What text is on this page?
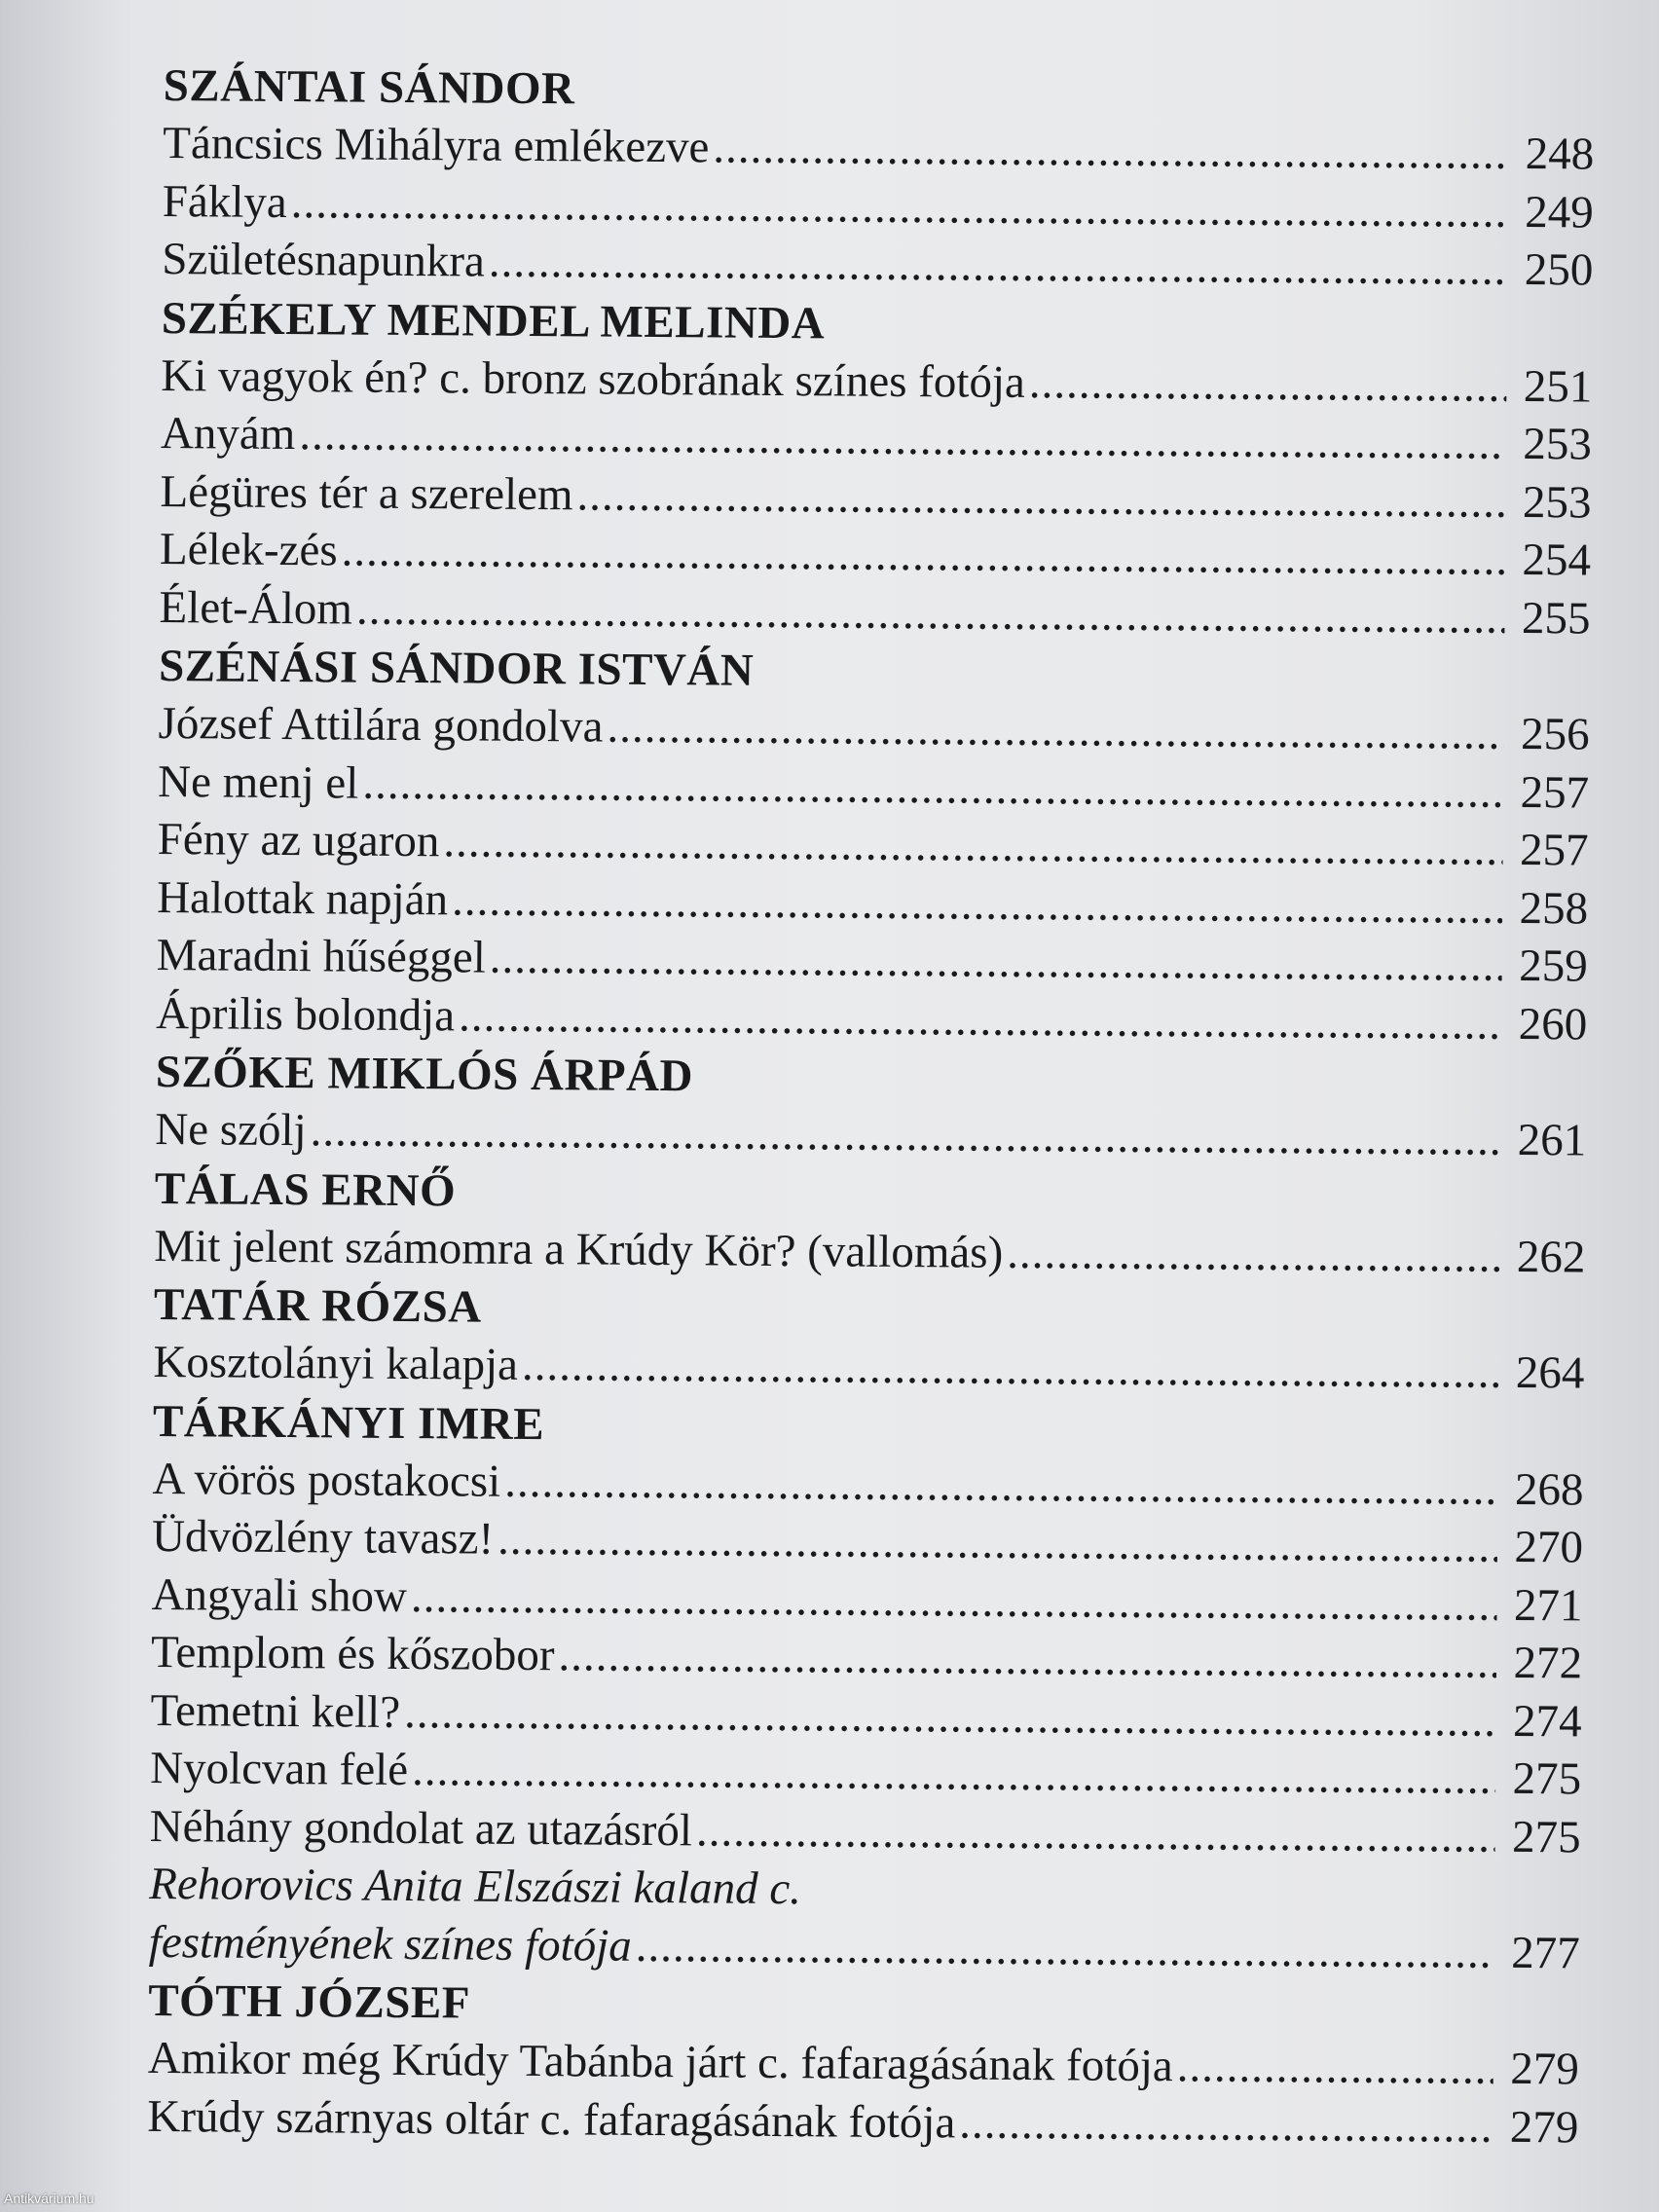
SZÁNTAI SÁNDOR
Táncsics Mihályra emlékezve .....	248
Fáklya .....	249
Születésnapunkra .....	250
SZÉKELY MENDEL MELINDA
Ki vagyok én? c. bronz szobrának színes fotója .....	251
Anyám .....	253
Légüres tér a szerelem .....	253
Lélek-zés .....	254
Élet-Álom .....	255
SZÉNÁSI SÁNDOR ISTVÁN
József Attilára gondolva .....	256
Ne menj el .....	257
Fény az ugaron .....	257
Halottak napján .....	258
Maradni hűséggel .....	259
Április bolondja .....	260
SZŐKE MIKLÓS ÁRPÁD
Ne szólj .....	261
TÁLAS ERNŐ
Mit jelent számomra a Krúdy Kör? (vallomás) .....	262
TATÁR RÓZSA
Kosztolányi kalapja .....	264
TÁRKÁNYI IMRE
A vörös postakocsi .....	268
Üdvözlény tavasz! .....	270
Angyali show .....	271
Templom és kőszobor .....	272
Temetni kell? .....	274
Nyolcvan felé .....	275
Néhány gondolat az utazásról .....	275
Rehorovics Anita Elszászi kaland c.
festményének színes fotója .....	277
TÓTH JÓZSEF
Amikor még Krúdy Tabánba járt c. fafaragásának fotója .....	279
Krúdy szárnyas oltár c. fafaragásának fotója .....	279
Antikvárium.hu
